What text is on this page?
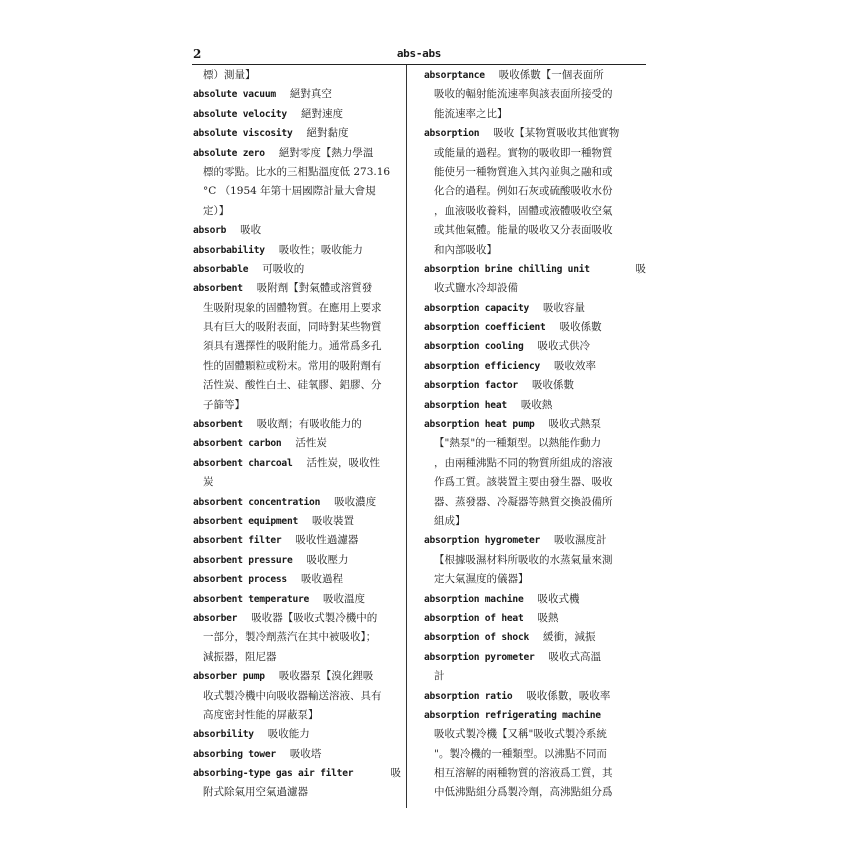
2	abs-abs
標）測量】
absolute vacuum 絕對真空
absolute velocity 絕對速度
absolute viscosity 絕對黏度
absolute zero 絕對零度【熱力學溫
標的零點。比水的三相點溫度低 273.16
°C （1954 年第十屆國際計量大會規
定）】
absorb 吸收
absorbability 吸收性；吸收能力
absorbable 可吸收的
absorbent 吸附劑【對氣體或溶質發
生吸附現象的固體物質。在應用上要求
具有巨大的吸附表面，同時對某些物質
須具有選擇性的吸附能力。通常爲多孔
性的固體顆粒或粉末。常用的吸附劑有
活性炭、酸性白土、硅氧膠、鋁膠、分
子篩等】
absorbent 吸收劑；有吸收能力的
absorbent carbon 活性炭
absorbent charcoal 活性炭，吸收性
炭
absorbent concentration 吸收濃度
absorbent equipment 吸收裝置
absorbent filter 吸收性過濾器
absorbent pressure 吸收壓力
absorbent process 吸收過程
absorbent temperature 吸收溫度
absorber 吸收器【吸收式製冷機中的
一部分，製冷劑蒸汽在其中被吸收】；
減振器，阻尼器
absorber pump 吸收器泵【溴化鋰吸
收式製冷機中向吸收器輸送溶液、具有
高度密封性能的屏蔽泵】
absorbility 吸收能力
absorbing tower 吸收塔
absorbing-type gas air filter	吸
附式除氣用空氣過濾器
absorptance 吸收係數【一個表面所
吸收的輻射能流速率與該表面所接受的
能流速率之比】
absorption 吸收【某物質吸收其他實物
或能量的過程。實物的吸收即一種物質
能使另一種物質進入其內並與之融和或
化合的過程。例如石灰或硫酸吸收水份
，血液吸收養料，固體或液體吸收空氣
或其他氣體。能量的吸收又分表面吸收
和內部吸收】
absorption brine chilling unit	吸
收式鹽水冷却設備
absorption capacity 吸收容量
absorption coefficient 吸收係數
absorption cooling 吸收式供冷
absorption efficiency 吸收效率
absorption factor 吸收係數
absorption heat 吸收熱
absorption heat pump 吸收式熱泵
【"熱泵"的一種類型。以熱能作動力
，由兩種沸點不同的物質所組成的溶液
作爲工質。該裝置主要由發生器、吸收
器、蒸發器、冷凝器等熱質交換設備所
組成】
absorption hygrometer 吸收濕度計
【根據吸濕材料所吸收的水蒸氣量來測
定大氣濕度的儀器】
absorption machine 吸收式機
absorption of heat 吸熱
absorption of shock 緩衝，減振
absorption pyrometer 吸收式高溫
計
absorption ratio 吸收係數，吸收率
absorption refrigerating machine
吸收式製冷機【又稱"吸收式製冷系統
"。製冷機的一種類型。以沸點不同而
相互溶解的兩種物質的溶液爲工質，其
中低沸點組分爲製冷劑，高沸點組分爲
